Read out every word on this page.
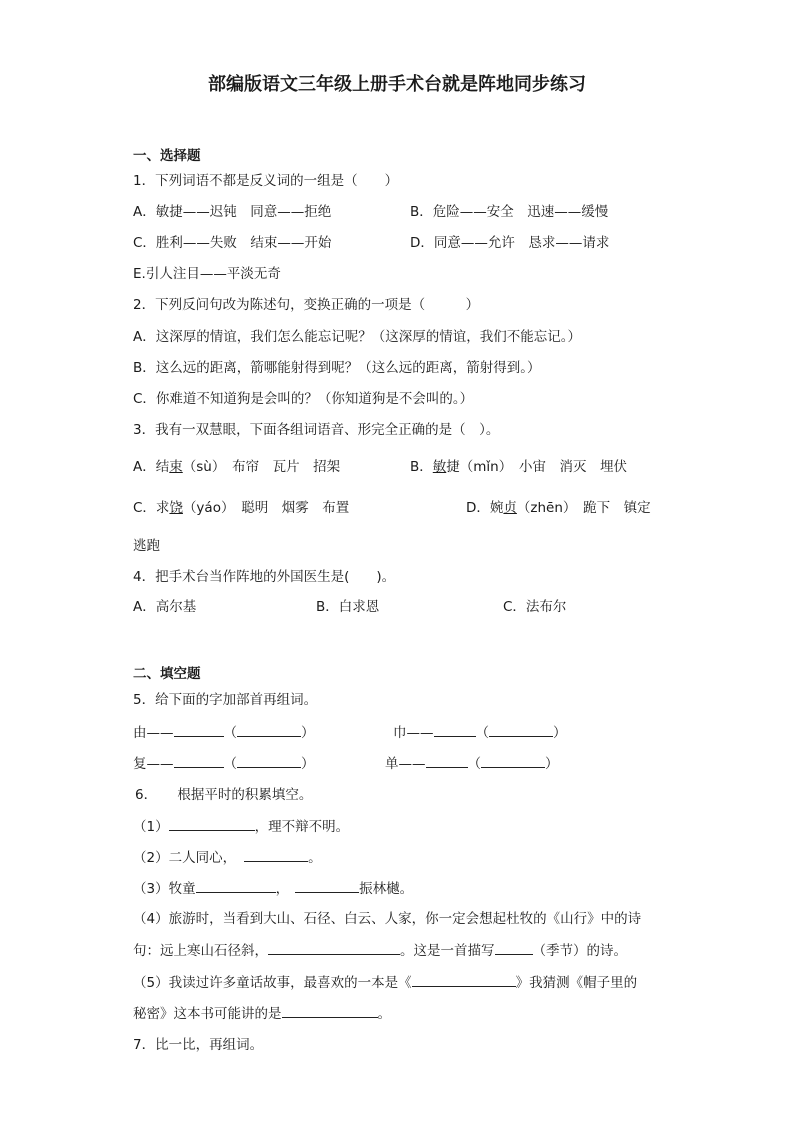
部编版语文三年级上册手术台就是阵地同步练习
一、选择题
1．下列词语不都是反义词的一组是（　　）
A．敏捷——迟钝　同意——拒绝	B．危险——安全　迅速——缓慢
C．胜利——失败　结束——开始	D．同意——允许　恳求——请求
E.引人注目——平淡无奇
2．下列反问句改为陈述句，变换正确的一项是（　　　）
A．这深厚的情谊，我们怎么能忘记呢？（这深厚的情谊，我们不能忘记。）
B．这么远的距离，箭哪能射得到呢？（这么远的距离，箭射得到。）
C．你难道不知道狗是会叫的？（你知道狗是不会叫的。）
3．我有一双慧眼，下面各组词语音、形完全正确的是（　）。
A．结束（sù）　布帘　瓦片　招架	B．敏捷（mǐn）　小宙　消灭　埋伏
C．求饶（yáo）　聪明　烟雾　布置	D．婉贞（zhēn）　跪下　镇定
逃跑
4．把手术台当作阵地的外国医生是(　　)。
A．高尔基	B．白求恩	C．法布尔
二、填空题
5．给下面的字加部首再组词。
由——	（	）	巾——	（	）
复——	（	）	单——	（	）
6．　　根据平时的积累填空。
（1）	，理不辩不明。
（2）二人同心，	。
（3）牧童	，	振林樾。
（4）旅游时，当看到大山、石径、白云、人家，你一定会想起杜牧的《山行》中的诗
句：远上寒山石径斜，	。这是一首描写	（季节）的诗。
（5）我读过许多童话故事，最喜欢的一本是《	》我猜测《帽子里的
秘密》这本书可能讲的是	。
7．比一比，再组词。
